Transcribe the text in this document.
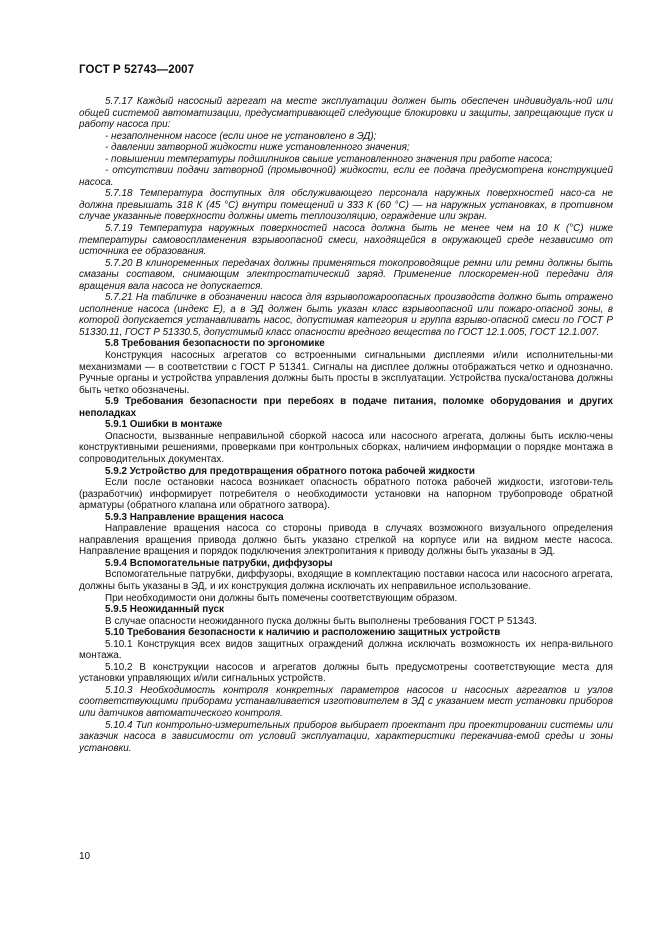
ГОСТ Р 52743—2007

5.7.17 Каждый насосный агрегат на месте эксплуатации должен быть обеспечен индивидуаль-ной или общей системой автоматизации, предусматривающей следующие блокировки и защиты, запрещающие пуск и работу насоса при:

- незаполненном насосе (если иное не установлено в ЭД);

- давлении затворной жидкости ниже установленного значения;

- повышении температуры подшипников свыше установленного значения при работе насоса;

- отсутствии подачи затворной (промывочной) жидкости, если ее подача предусмотрена конструкцией насоса.

5.7.18 Температура доступных для обслуживающего персонала наружных поверхностей насо-са не должна превышать 318 К (45 °С) внутри помещений и 333 К (60 °С) — на наружных установках, в противном случае указанные поверхности должны иметь теплоизоляцию, ограждение или экран.

5.7.19 Температура наружных поверхностей насоса должна быть не менее чем на 10 К (°С) ниже температуры самовоспламенения взрывоопасной смеси, находящейся в окружающей среде независимо от источника ее образования.

5.7.20 В клиноременных передачах должны применяться токопроводящие ремни или ремни должны быть смазаны составом, снимающим электростатический заряд. Применение плоскоремен-ной передачи для вращения вала насоса не допускается.

5.7.21 На табличке в обозначении насоса для взрывопожароопасных производств должно быть отражено исполнение насоса (индекс Е), а в ЭД должен быть указан класс взрывоопасной или пожаро-опасной зоны, в которой допускается устанавливать насос, допустимая категория и группа взрыво-опасной смеси по ГОСТ Р 51330.11, ГОСТ Р 51330.5, допустимый класс опасности вредного вещества по ГОСТ 12.1.005, ГОСТ 12.1.007.

5.8 Требования безопасности по эргономике

Конструкция насосных агрегатов со встроенными сигнальными дисплеями и/или исполнительны-ми механизмами — в соответствии с ГОСТ Р 51341. Сигналы на дисплее должны отображаться четко и однозначно. Ручные органы и устройства управления должны быть просты в эксплуатации. Устройства пуска/останова должны быть четко обозначены.

5.9 Требования безопасности при перебоях в подаче питания, поломке оборудования и других неполадках

5.9.1 Ошибки в монтаже

Опасности, вызванные неправильной сборкой насоса или насосного агрегата, должны быть исклю-чены конструктивными решениями, проверками при контрольных сборках, наличием информации о порядке монтажа в сопроводительных документах.

5.9.2 Устройство для предотвращения обратного потока рабочей жидкости

Если после остановки насоса возникает опасность обратного потока рабочей жидкости, изготови-тель (разработчик) информирует потребителя о необходимости установки на напорном трубопроводе обратной арматуры (обратного клапана или обратного затвора).

5.9.3 Направление вращения насоса

Направление вращения насоса со стороны привода в случаях возможного визуального определения направления вращения привода должно быть указано стрелкой на корпусе или на видном месте насоса. Направление вращения и порядок подключения электропитания к приводу должны быть указаны в ЭД.

5.9.4 Вспомогательные патрубки, диффузоры

Вспомогательные патрубки, диффузоры, входящие в комплектацию поставки насоса или насосного агрегата, должны быть указаны в ЭД, и их конструкция должна исключать их неправильное использование.

При необходимости они должны быть помечены соответствующим образом.

5.9.5 Неожиданный пуск

В случае опасности неожиданного пуска должны быть выполнены требования ГОСТ Р 51343.

5.10 Требования безопасности к наличию и расположению защитных устройств

5.10.1 Конструкция всех видов защитных ограждений должна исключать возможность их непра-вильного монтажа.

5.10.2 В конструкции насосов и агрегатов должны быть предусмотрены соответствующие места для установки управляющих и/или сигнальных устройств.

5.10.3 Необходимость контроля конкретных параметров насосов и насосных агрегатов и узлов соответствующими приборами устанавливается изготовителем в ЭД с указанием мест установки приборов или датчиков автоматического контроля.

5.10.4 Тип контрольно-измерительных приборов выбирает проектант при проектировании системы или заказчик насоса в зависимости от условий эксплуатации, характеристики перекачива-емой среды и зоны установки.

10
